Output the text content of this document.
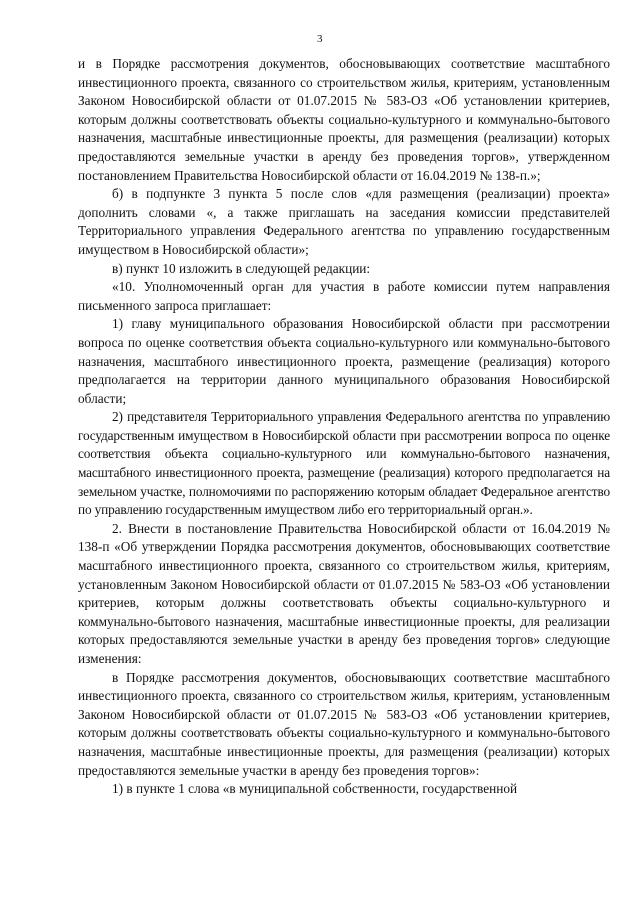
3

и в Порядке рассмотрения документов, обосновывающих соответствие масштабного инвестиционного проекта, связанного со строительством жилья, критериям, установленным Законом Новосибирской области от 01.07.2015 № 583-ОЗ «Об установлении критериев, которым должны соответствовать объекты социально-культурного и коммунально-бытового назначения, масштабные инвестиционные проекты, для размещения (реализации) которых предоставляются земельные участки в аренду без проведения торгов», утвержденном постановлением Правительства Новосибирской области от 16.04.2019 № 138-п.»;

б) в подпункте 3 пункта 5 после слов «для размещения (реализации) проекта» дополнить словами «, а также приглашать на заседания комиссии представителей Территориального управления Федерального агентства по управлению государственным имуществом в Новосибирской области»;

в) пункт 10 изложить в следующей редакции:

«10. Уполномоченный орган для участия в работе комиссии путем направления письменного запроса приглашает:

1) главу муниципального образования Новосибирской области при рассмотрении вопроса по оценке соответствия объекта социально-культурного или коммунально-бытового назначения, масштабного инвестиционного проекта, размещение (реализация) которого предполагается на территории данного муниципального образования Новосибирской области;

2) представителя Территориального управления Федерального агентства по управлению государственным имуществом в Новосибирской области при рассмотрении вопроса по оценке соответствия объекта социально-культурного или коммунально-бытового назначения, масштабного инвестиционного проекта, размещение (реализация) которого предполагается на земельном участке, полномочиями по распоряжению которым обладает Федеральное агентство по управлению государственным имуществом либо его территориальный орган.».

2. Внести в постановление Правительства Новосибирской области от 16.04.2019 № 138-п «Об утверждении Порядка рассмотрения документов, обосновывающих соответствие масштабного инвестиционного проекта, связанного со строительством жилья, критериям, установленным Законом Новосибирской области от 01.07.2015 № 583-ОЗ «Об установлении критериев, которым должны соответствовать объекты социально-культурного и коммунально-бытового назначения, масштабные инвестиционные проекты, для реализации которых предоставляются земельные участки в аренду без проведения торгов» следующие изменения:

в Порядке рассмотрения документов, обосновывающих соответствие масштабного инвестиционного проекта, связанного со строительством жилья, критериям, установленным Законом Новосибирской области от 01.07.2015 № 583-ОЗ «Об установлении критериев, которым должны соответствовать объекты социально-культурного и коммунально-бытового назначения, масштабные инвестиционные проекты, для размещения (реализации) которых предоставляются земельные участки в аренду без проведения торгов»:

1) в пункте 1 слова «в муниципальной собственности, государственной
